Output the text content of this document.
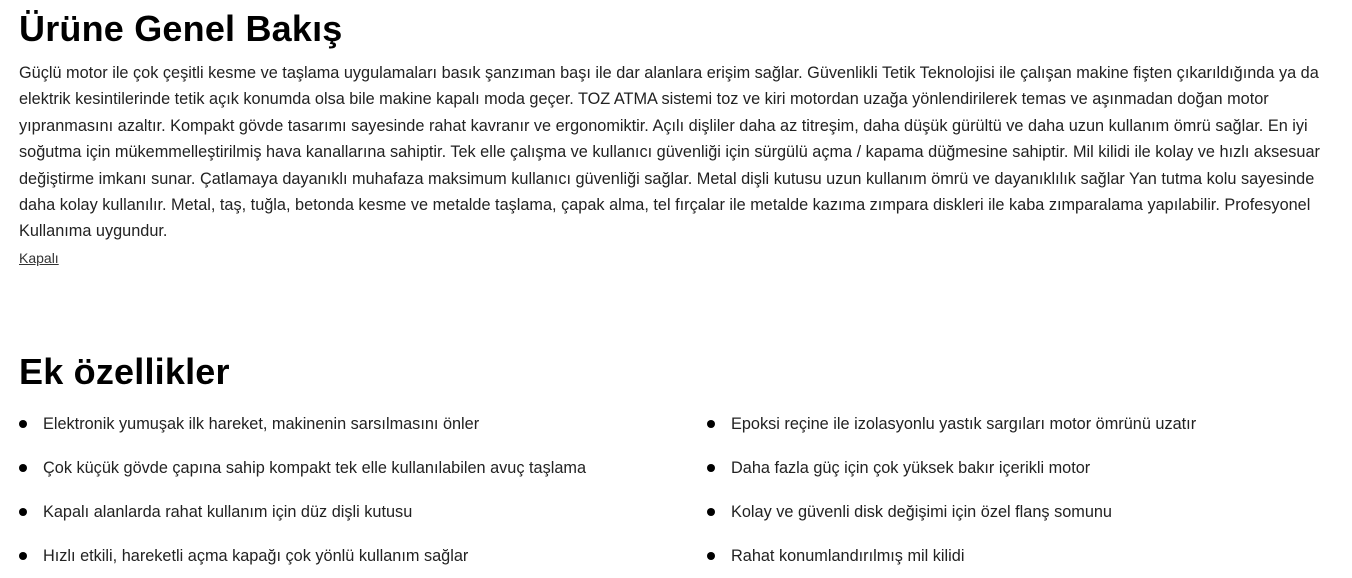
Ürüne Genel Bakış

Güçlü motor ile çok çeşitli kesme ve taşlama uygulamaları basık şanzıman başı ile dar alanlara erişim sağlar. Güvenlikli Tetik Teknolojisi ile çalışan makine fişten çıkarıldığında ya da elektrik kesintilerinde tetik açık konumda olsa bile makine kapalı moda geçer. TOZ ATMA sistemi toz ve kiri motordan uzağa yönlendirilerek temas ve aşınmadan doğan motor yıpranmasını azaltır. Kompakt gövde tasarımı sayesinde rahat kavranır ve ergonomiktir. Açılı dişliler daha az titreşim, daha düşük gürültü ve daha uzun kullanım ömrü sağlar. En iyi soğutma için mükemmelleştirilmiş hava kanallarına sahiptir. Tek elle çalışma ve kullanıcı güvenliği için sürgülü açma / kapama düğmesine sahiptir. Mil kilidi ile kolay ve hızlı aksesuar değiştirme imkanı sunar. Çatlamaya dayanıklı muhafaza maksimum kullanıcı güvenliği sağlar. Metal dişli kutusu uzun kullanım ömrü ve dayanıklılık sağlar Yan tutma kolu sayesinde daha kolay kullanılır. Metal, taş, tuğla, betonda kesme ve metalde taşlama, çapak alma, tel fırçalar ile metalde kazıma zımpara diskleri ile kaba zımparalama yapılabilir. Profesyonel Kullanıma uygundur.

Kapalı
Ek özellikler
Elektronik yumuşak ilk hareket, makinenin sarsılmasını önler	Epoksi reçine ile izolasyonlu yastık sargıları motor ömrünü uzatır
Çok küçük gövde çapına sahip kompakt tek elle kullanılabilen avuç taşlama	Daha fazla güç için çok yüksek bakır içerikli motor
Kapalı alanlarda rahat kullanım için düz dişli kutusu	Kolay ve güvenli disk değişimi için özel flanş somunu
Hızlı etkili, hareketli açma kapağı çok yönlü kullanım sağlar	Rahat konumlandırılmış mil kilidi
